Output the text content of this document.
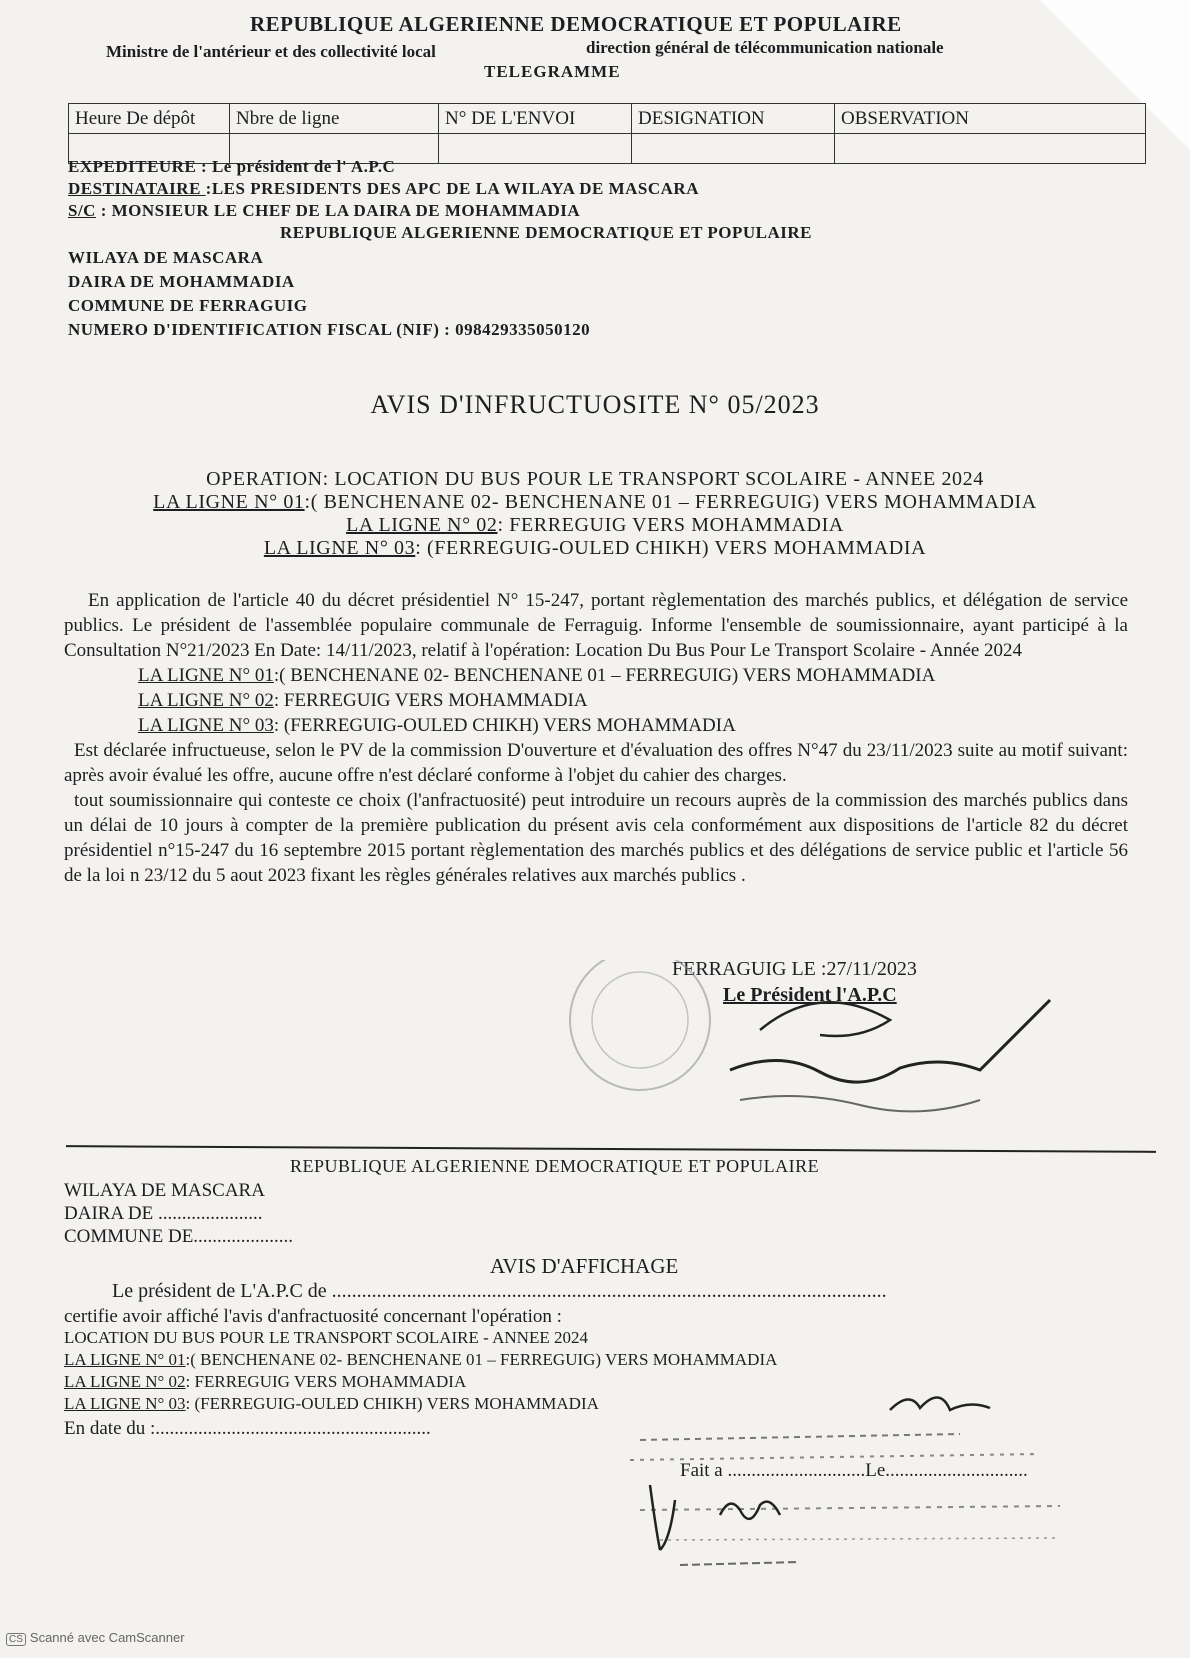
REPUBLIQUE ALGERIENNE DEMOCRATIQUE ET POPULAIRE
Ministre de l'antérieur et des collectivité local	direction général de télécommunication nationale
TELEGRAMME
Heure De dépôt	Nbre de ligne	N° DE L'ENVOI	DESIGNATION	OBSERVATION

EXPEDITEURE : Le président de l' A.P.C
DESTINATAIRE :LES PRESIDENTS DES APC DE LA WILAYA DE MASCARA
S/C : MONSIEUR LE CHEF DE LA DAIRA DE MOHAMMADIA
REPUBLIQUE ALGERIENNE DEMOCRATIQUE ET POPULAIRE
WILAYA DE MASCARA
DAIRA DE MOHAMMADIA
COMMUNE DE FERRAGUIG
NUMERO D'IDENTIFICATION FISCAL (NIF) : 098429335050120
AVIS D'INFRUCTUOSITE N° 05/2023
OPERATION: LOCATION DU BUS POUR LE TRANSPORT SCOLAIRE - ANNEE 2024
LA LIGNE N° 01:( BENCHENANE 02- BENCHENANE 01 – FERREGUIG) VERS MOHAMMADIA
LA LIGNE N° 02: FERREGUIG VERS MOHAMMADIA
LA LIGNE N° 03: (FERREGUIG-OULED CHIKH) VERS MOHAMMADIA

En application de l'article 40 du décret présidentiel N° 15-247, portant règlementation des marchés publics, et délégation de service publics. Le président de l'assemblée populaire communale de Ferraguig. Informe l'ensemble de soumissionnaire, ayant participé à la Consultation N°21/2023 En Date: 14/11/2023, relatif à l'opération: Location Du Bus Pour Le Transport Scolaire - Année 2024

LA LIGNE N° 01:( BENCHENANE 02- BENCHENANE 01 – FERREGUIG) VERS MOHAMMADIA

LA LIGNE N° 02: FERREGUIG VERS MOHAMMADIA

LA LIGNE N° 03: (FERREGUIG-OULED CHIKH) VERS MOHAMMADIA

Est déclarée infructueuse, selon le PV de la commission D'ouverture et d'évaluation des offres N°47 du 23/11/2023 suite au motif suivant: après avoir évalué les offre, aucune offre n'est déclaré conforme à l'objet du cahier des charges.

tout soumissionnaire qui conteste ce choix (l'anfractuosité) peut introduire un recours auprès de la commission des marchés publics dans un délai de 10 jours à compter de la première publication du présent avis cela conformément aux dispositions de l'article 82 du décret présidentiel n°15-247 du 16 septembre 2015 portant règlementation des marchés publics et des délégations de service public et l'article 56 de la loi n 23/12 du 5 aout 2023 fixant les règles générales relatives aux marchés publics .

FERRAGUIG LE :27/11/2023
Le Président l'A.P.C
REPUBLIQUE ALGERIENNE DEMOCRATIQUE ET POPULAIRE
WILAYA DE MASCARA
DAIRA DE ......................
COMMUNE DE.....................
AVIS D'AFFICHAGE
Le président de L'A.P.C de ...............................................................................................................
certifie avoir affiché l'avis d'anfractuosité concernant l'opération :
LOCATION DU BUS POUR LE TRANSPORT SCOLAIRE - ANNEE 2024
LA LIGNE N° 01:( BENCHENANE 02- BENCHENANE 01 – FERREGUIG) VERS MOHAMMADIA
LA LIGNE N° 02: FERREGUIG VERS MOHAMMADIA
LA LIGNE N° 03: (FERREGUIG-OULED CHIKH) VERS MOHAMMADIA
En date du :..........................................................
Fait a .............................Le..............................
CS Scanné avec CamScanner
